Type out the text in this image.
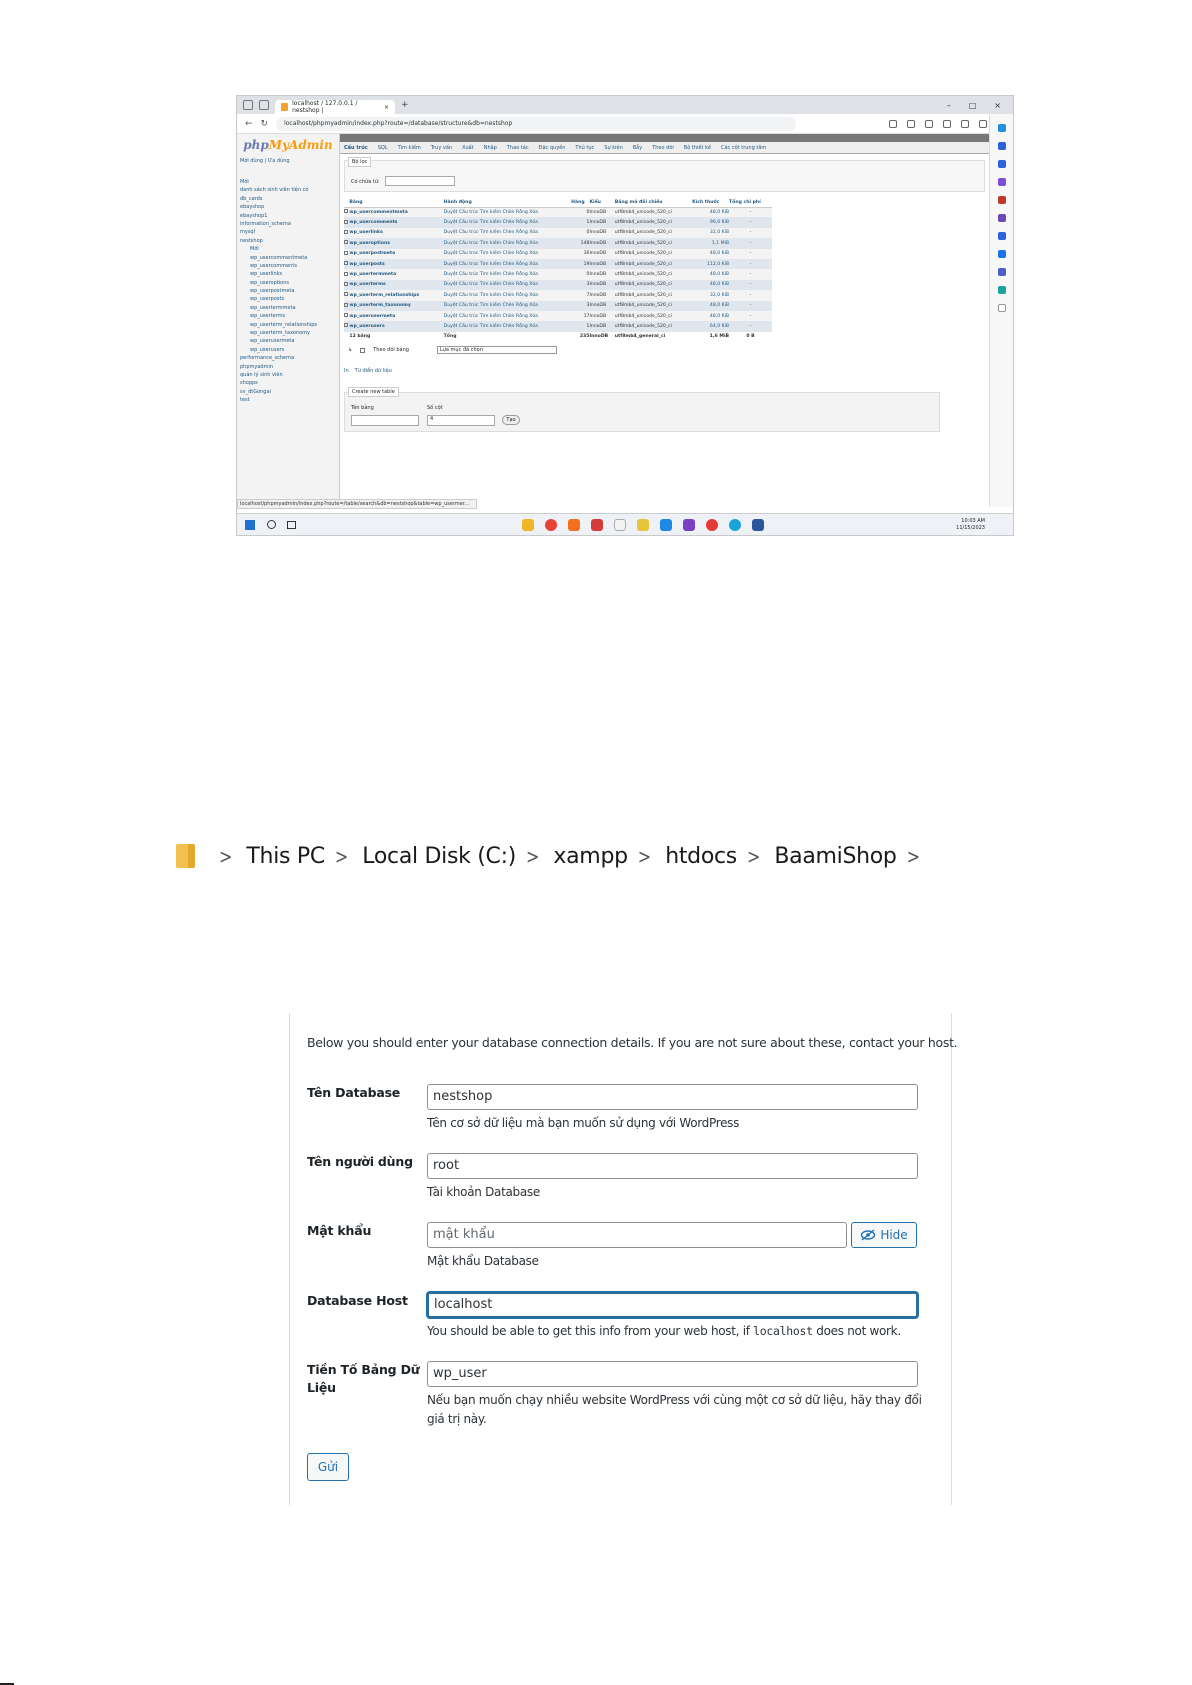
localhost / 127.0.0.1 / nestshop |	× +	– □ ×
← ↻	localhost/phpmyadmin/index.php?route=/database/structure&db=nestshop
phpMyAdmin
Mới dùng | Ưa dùng
Mới
danh sách sinh viên tiện có
db_cards
ebayshop
ebayshop1
information_schema
mysql
nestshop
Mới
wp_usercommentmeta
wp_usercomments
wp_userlinks
wp_useroptions
wp_userpostmeta
wp_userposts
wp_usertermmeta
wp_userterms
wp_userterm_relationships
wp_userterm_taxonomy
wp_userusermeta
wp_userusers
performance_schema
phpmyadmin
quản lý sinh viên
shopps
sv_dtGongai
test
Cấu trúc SQL Tìm kiếm Truy vấn Xuất Nhập Thao tác Đặc quyền Thủ tục Sự kiện Bẫy Theo dõi Bộ thiết kế Các cột trung tâm
Bộ lọc
Có chứa từ:
	Bảng	Hành động	Hàng	Kiểu	Bảng mã đối chiếu	Kích thước	Tổng chi phí
	wp_usercommentmeta	Duyệt Cấu trúc Tìm kiếm Chèn Rỗng Xóa	0	InnoDB	utf8mb4_unicode_520_ci	48,0 KiB	-
	wp_usercomments	Duyệt Cấu trúc Tìm kiếm Chèn Rỗng Xóa	1	InnoDB	utf8mb4_unicode_520_ci	96,0 KiB	-
	wp_userlinks	Duyệt Cấu trúc Tìm kiếm Chèn Rỗng Xóa	0	InnoDB	utf8mb4_unicode_520_ci	32,0 KiB	-
	wp_useroptions	Duyệt Cấu trúc Tìm kiếm Chèn Rỗng Xóa	148	InnoDB	utf8mb4_unicode_520_ci	1,1 MiB	-
	wp_userpostmeta	Duyệt Cấu trúc Tìm kiếm Chèn Rỗng Xóa	36	InnoDB	utf8mb4_unicode_520_ci	48,0 KiB	-
	wp_userposts	Duyệt Cấu trúc Tìm kiếm Chèn Rỗng Xóa	19	InnoDB	utf8mb4_unicode_520_ci	112,0 KiB	-
	wp_usertermmeta	Duyệt Cấu trúc Tìm kiếm Chèn Rỗng Xóa	0	InnoDB	utf8mb4_unicode_520_ci	48,0 KiB	-
	wp_userterms	Duyệt Cấu trúc Tìm kiếm Chèn Rỗng Xóa	3	InnoDB	utf8mb4_unicode_520_ci	48,0 KiB	-
	wp_userterm_relationships	Duyệt Cấu trúc Tìm kiếm Chèn Rỗng Xóa	7	InnoDB	utf8mb4_unicode_520_ci	32,0 KiB	-
	wp_userterm_taxonomy	Duyệt Cấu trúc Tìm kiếm Chèn Rỗng Xóa	3	InnoDB	utf8mb4_unicode_520_ci	48,0 KiB	-
	wp_userusermeta	Duyệt Cấu trúc Tìm kiếm Chèn Rỗng Xóa	17	InnoDB	utf8mb4_unicode_520_ci	48,0 KiB	-
	wp_userusers	Duyệt Cấu trúc Tìm kiếm Chèn Rỗng Xóa	1	InnoDB	utf8mb4_unicode_520_ci	64,0 KiB	-
	12 bảng	Tổng	235	InnoDB	utf8mb4_general_ci	1,6 MiB	0 B
↳	Theo dõi bảng	Lựa mục đã chọn
In Từ điển dữ liệu
Create new table
Tên bảng	Số cột
4	Tạo
localhost/phpmyadmin/index.php?route=/table/search&db=nestshop&table=wp_usermer...
10:03 AM
11/15/2023
> This PC > Local Disk (C:) > xampp > htdocs > BaamiShop >
Below you should enter your database connection details. If you are not sure about these, contact your host.
Tên Database	nestshop
Tên cơ sở dữ liệu mà bạn muốn sử dụng với WordPress
Tên người dùng	root
Tài khoản Database
Mật khẩu	mật khẩu	Hide
Mật khẩu Database
Database Host	localhost
You should be able to get this info from your web host, if localhost does not work.
Tiền Tố Bảng Dữ
Liệu
wp_user
Nếu bạn muốn chạy nhiều website WordPress với cùng một cơ sở dữ liệu, hãy thay đổi
giá trị này.
Gửi
